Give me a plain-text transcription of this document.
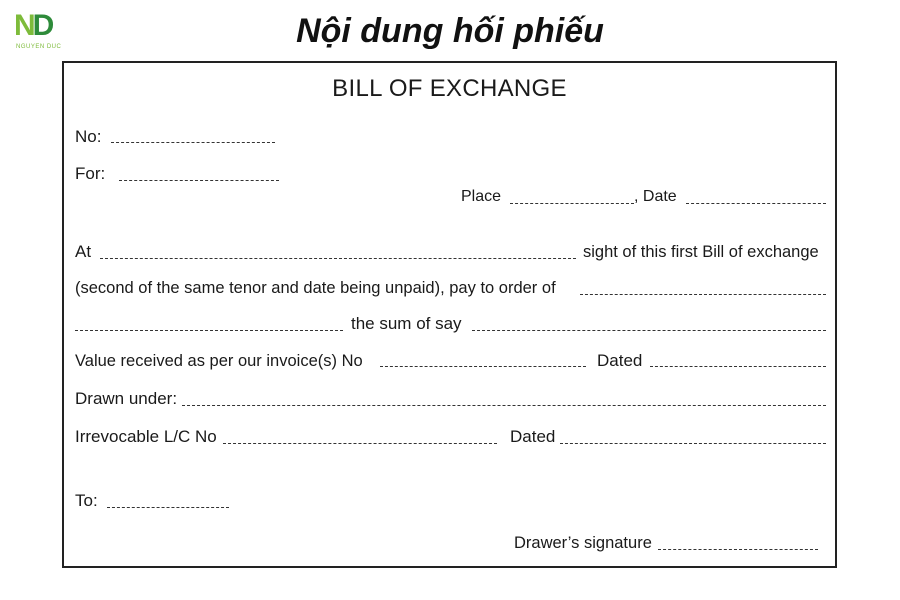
ND
NGUYEN DUC	Nội dung hối phiếu
BILL OF EXCHANGE
No:
For:
Place	, Date
At	sight of this first Bill of exchange
(second of the same tenor and date being unpaid), pay to order of
the sum of say
Value received as per our invoice(s) No	Dated
Drawn under:
Irrevocable L/C No	Dated
To:
Drawer’s signature
